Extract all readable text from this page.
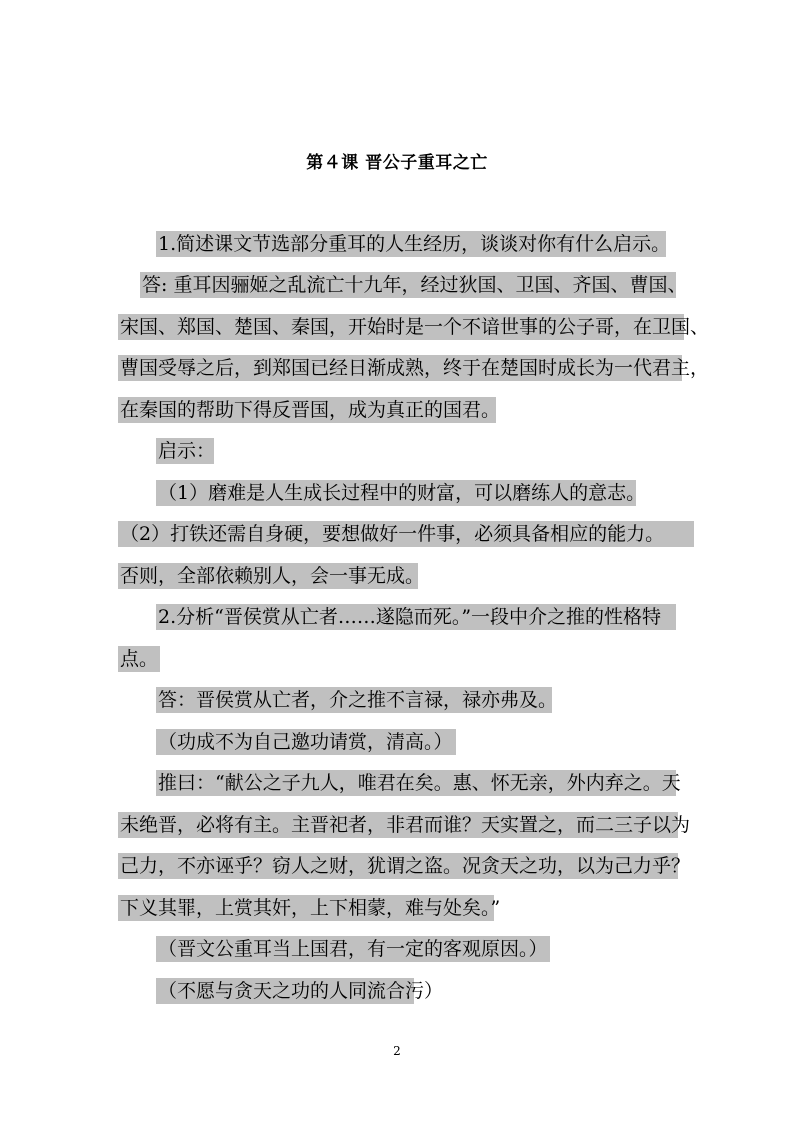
第４课 晋公子重耳之亡
1.简述课文节选部分重耳的人生经历，谈谈对你有什么启示。
答: 重耳因骊姬之乱流亡十九年，经过狄国、卫国、齐国、曹国、
宋国、郑国、楚国、秦国，开始时是一个不谙世事的公子哥，在卫国、
曹国受辱之后，到郑国已经日渐成熟，终于在楚国时成长为一代君主，
在秦国的帮助下得反晋国，成为真正的国君。
启示：
（1）磨难是人生成长过程中的财富，可以磨练人的意志。
（2）打铁还需自身硬，要想做好一件事，必须具备相应的能力。
否则，全部依赖别人，会一事无成。
2.分析“晋侯赏从亡者……遂隐而死。”一段中介之推的性格特
点。
答：晋侯赏从亡者，介之推不言禄，禄亦弗及。
（功成不为自己邀功请赏，清高。）
推曰：“献公之子九人，唯君在矣。惠、怀无亲，外内弃之。天
未绝晋，必将有主。主晋祀者，非君而谁？天实置之，而二三子以为
己力，不亦诬乎？窃人之财，犹谓之盗。况贪天之功，以为己力乎？
下义其罪，上赏其奸，上下相蒙，难与处矣。”
（晋文公重耳当上国君，有一定的客观原因。）
（不愿与贪天之功的人同流合污）
2
